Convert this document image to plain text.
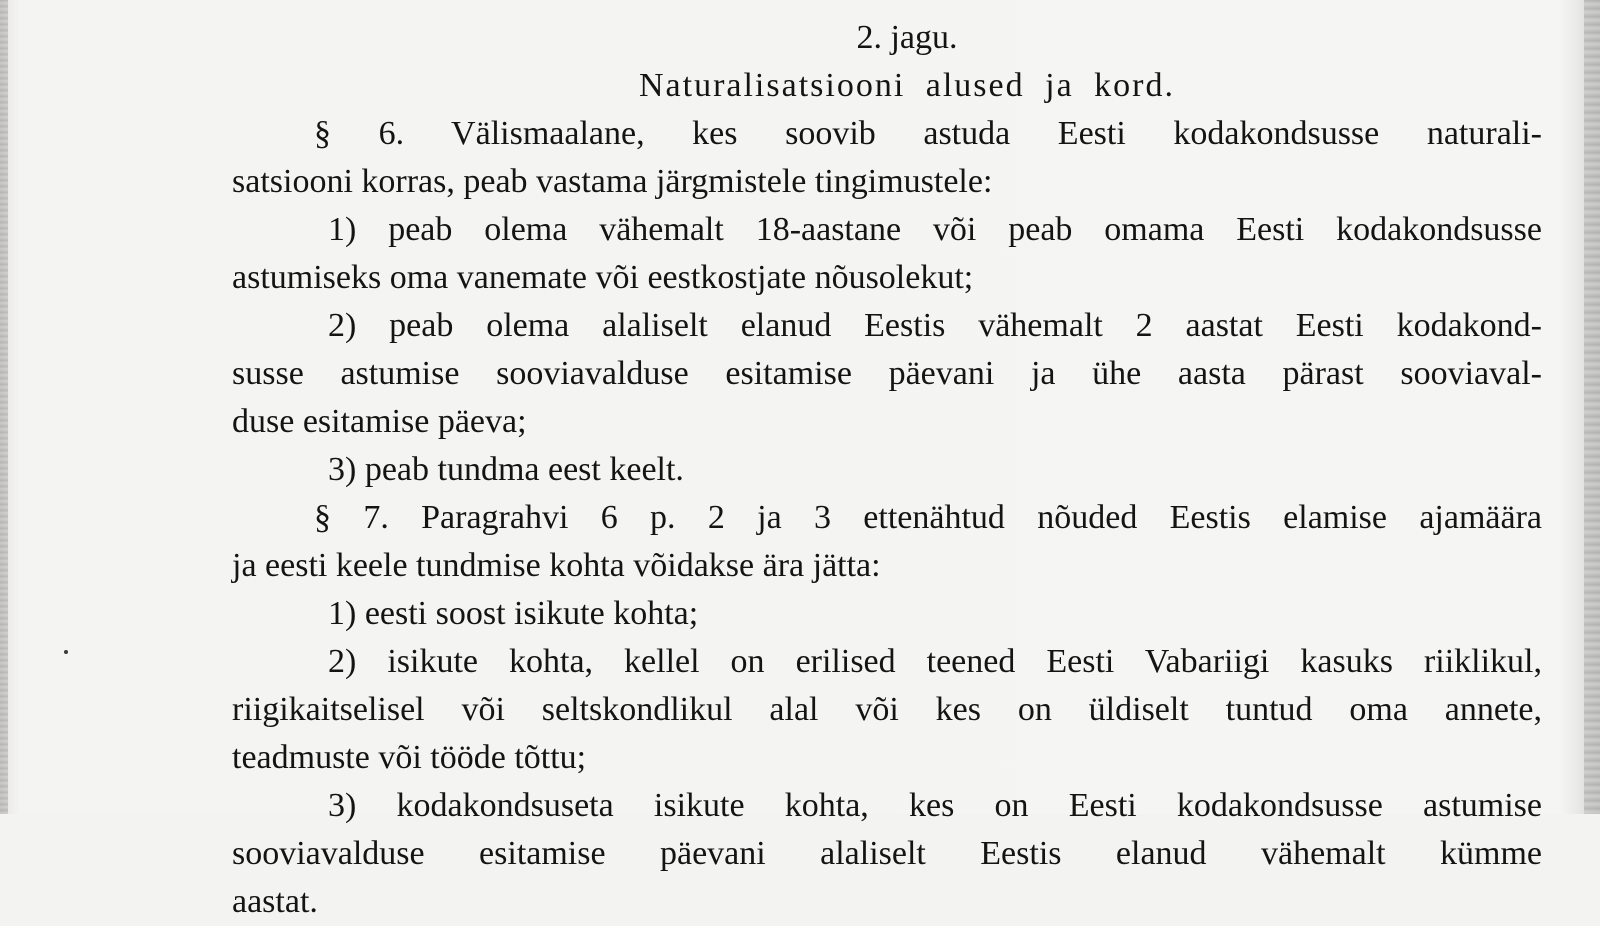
2. jagu.
Naturalisatsiooni alused ja kord.
§ 6. Välismaalane, kes soovib astuda Eesti kodakondsusse naturali-
satsiooni korras, peab vastama järgmistele tingimustele:
1) peab olema vähemalt 18-aastane või peab omama Eesti kodakondsusse
astumiseks oma vanemate või eestkostjate nõusolekut;
2) peab olema alaliselt elanud Eestis vähemalt 2 aastat Eesti kodakond-
susse astumise sooviavalduse esitamise päevani ja ühe aasta pärast sooviaval-
duse esitamise päeva;
3) peab tundma eest keelt.
§ 7. Paragrahvi 6 p. 2 ja 3 ettenähtud nõuded Eestis elamise ajamäära
ja eesti keele tundmise kohta võidakse ära jätta:
1) eesti soost isikute kohta;
2) isikute kohta, kellel on erilised teened Eesti Vabariigi kasuks riiklikul,
riigikaitselisel või seltskondlikul alal või kes on üldiselt tuntud oma annete,
teadmuste või tööde tõttu;
3) kodakondsuseta isikute kohta, kes on Eesti kodakondsusse astumise
sooviavalduse esitamise päevani alaliselt Eestis elanud vähemalt kümme
aastat.
